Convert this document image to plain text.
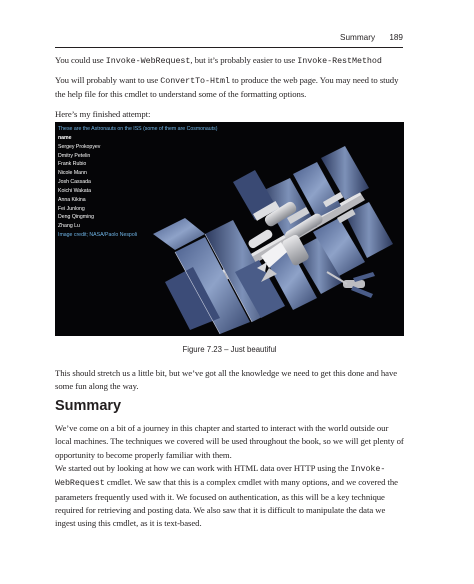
Summary 189

You could use Invoke-WebRequest, but it’s probably easier to use Invoke-RestMethod

You will probably want to use ConvertTo-Html to produce the web page. You may need to study the help file for this cmdlet to understand some of the formatting options.

Here’s my finished attempt:

These are the Astronauts on the ISS (some of them are Cosmonauts)
name
Sergey Prokopyev
Dmitry Petelin
Frank Rubio
Nicole Mann
Josh Cassada
Koichi Wakata
Anna Kikina
Fei Junlong
Deng Qingming
Zhang Lu
Image credit; NASA/Paolo Nespoli
Figure 7.23 – Just beautiful

This should stretch us a little bit, but we’ve got all the knowledge we need to get this done and have some fun along the way.

Summary

We’ve come on a bit of a journey in this chapter and started to interact with the world outside our local machines. The techniques we covered will be used throughout the book, so we will get plenty of opportunity to become properly familiar with them.

We started out by looking at how we can work with HTML data over HTTP using the Invoke-WebRequest cmdlet. We saw that this is a complex cmdlet with many options, and we covered the parameters frequently used with it. We focused on authentication, as this will be a key technique required for retrieving and posting data. We also saw that it is difficult to manipulate the data we ingest using this cmdlet, as it is text-based.
